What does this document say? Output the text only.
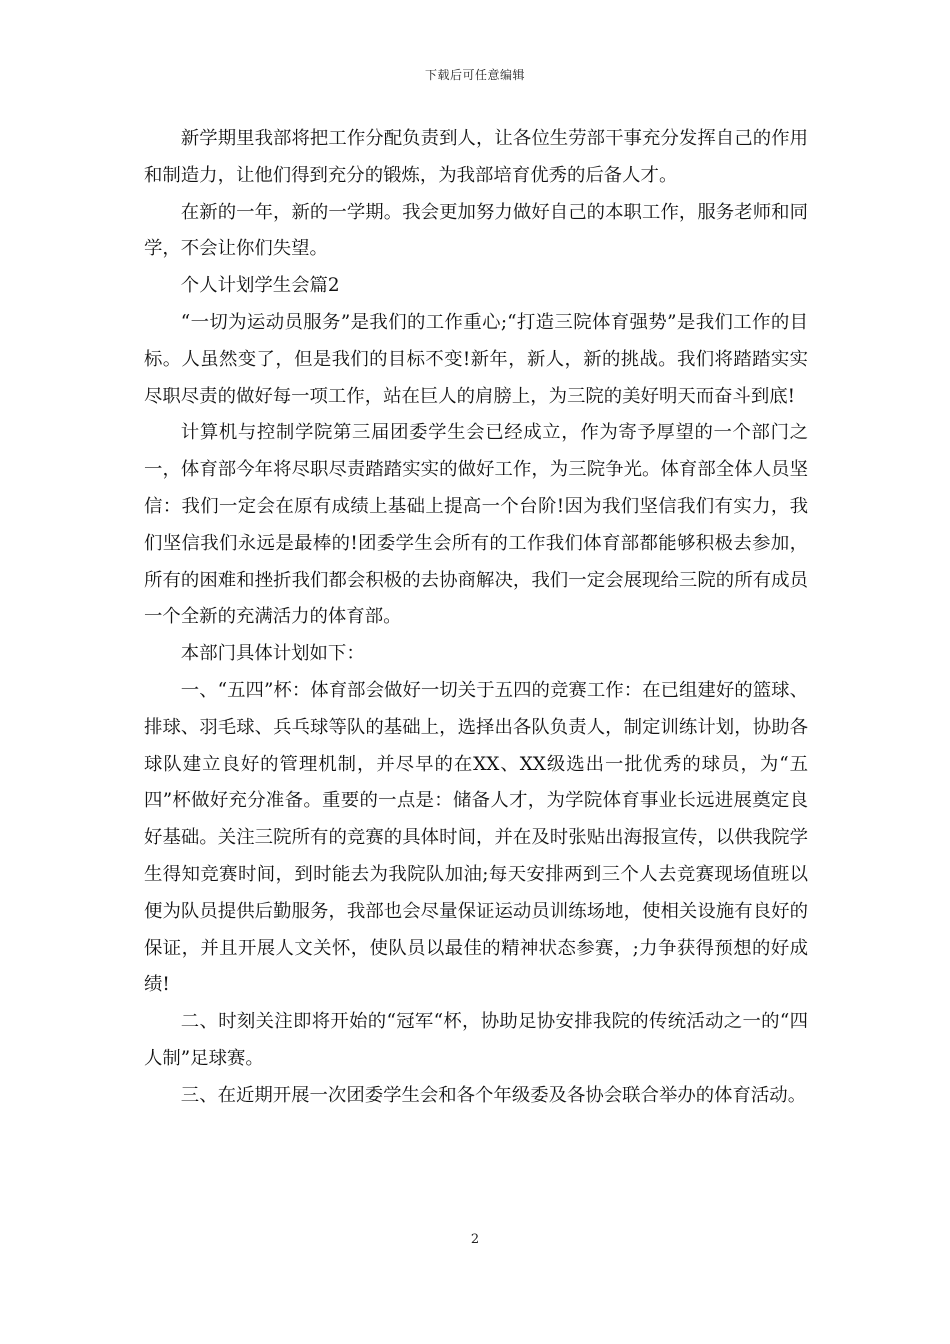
下载后可任意编辑

新学期里我部将把工作分配负责到人，让各位生劳部干事充分发挥自己的作用和制造力，让他们得到充分的锻炼，为我部培育优秀的后备人才。

在新的一年，新的一学期。我会更加努力做好自己的本职工作，服务老师和同学，不会让你们失望。

个人计划学生会篇2

“一切为运动员服务”是我们的工作重心;“打造三院体育强势”是我们工作的目标。人虽然变了，但是我们的目标不变!新年，新人，新的挑战。我们将踏踏实实尽职尽责的做好每一项工作，站在巨人的肩膀上，为三院的美好明天而奋斗到底!

计算机与控制学院第三届团委学生会已经成立，作为寄予厚望的一个部门之一，体育部今年将尽职尽责踏踏实实的做好工作，为三院争光。体育部全体人员坚信：我们一定会在原有成绩上基础上提高一个台阶!因为我们坚信我们有实力，我们坚信我们永远是最棒的!团委学生会所有的工作我们体育部都能够积极去参加，所有的困难和挫折我们都会积极的去协商解决，我们一定会展现给三院的所有成员一个全新的充满活力的体育部。

本部门具体计划如下：

一、“五四”杯：体育部会做好一切关于五四的竞赛工作：在已组建好的篮球、排球、羽毛球、兵乓球等队的基础上，选择出各队负责人，制定训练计划，协助各球队建立良好的管理机制，并尽早的在XX、XX级选出一批优秀的球员，为“五四”杯做好充分准备。重要的一点是：储备人才，为学院体育事业长远进展奠定良好基础。关注三院所有的竞赛的具体时间，并在及时张贴出海报宣传，以供我院学生得知竞赛时间，到时能去为我院队加油;每天安排两到三个人去竞赛现场值班以便为队员提供后勤服务，我部也会尽量保证运动员训练场地，使相关设施有良好的保证，并且开展人文关怀，使队员以最佳的精神状态参赛，;力争获得预想的好成绩!

二、时刻关注即将开始的“冠军“杯，协助足协安排我院的传统活动之一的“四人制”足球赛。

三、在近期开展一次团委学生会和各个年级委及各协会联合举办的体育活动。

2
